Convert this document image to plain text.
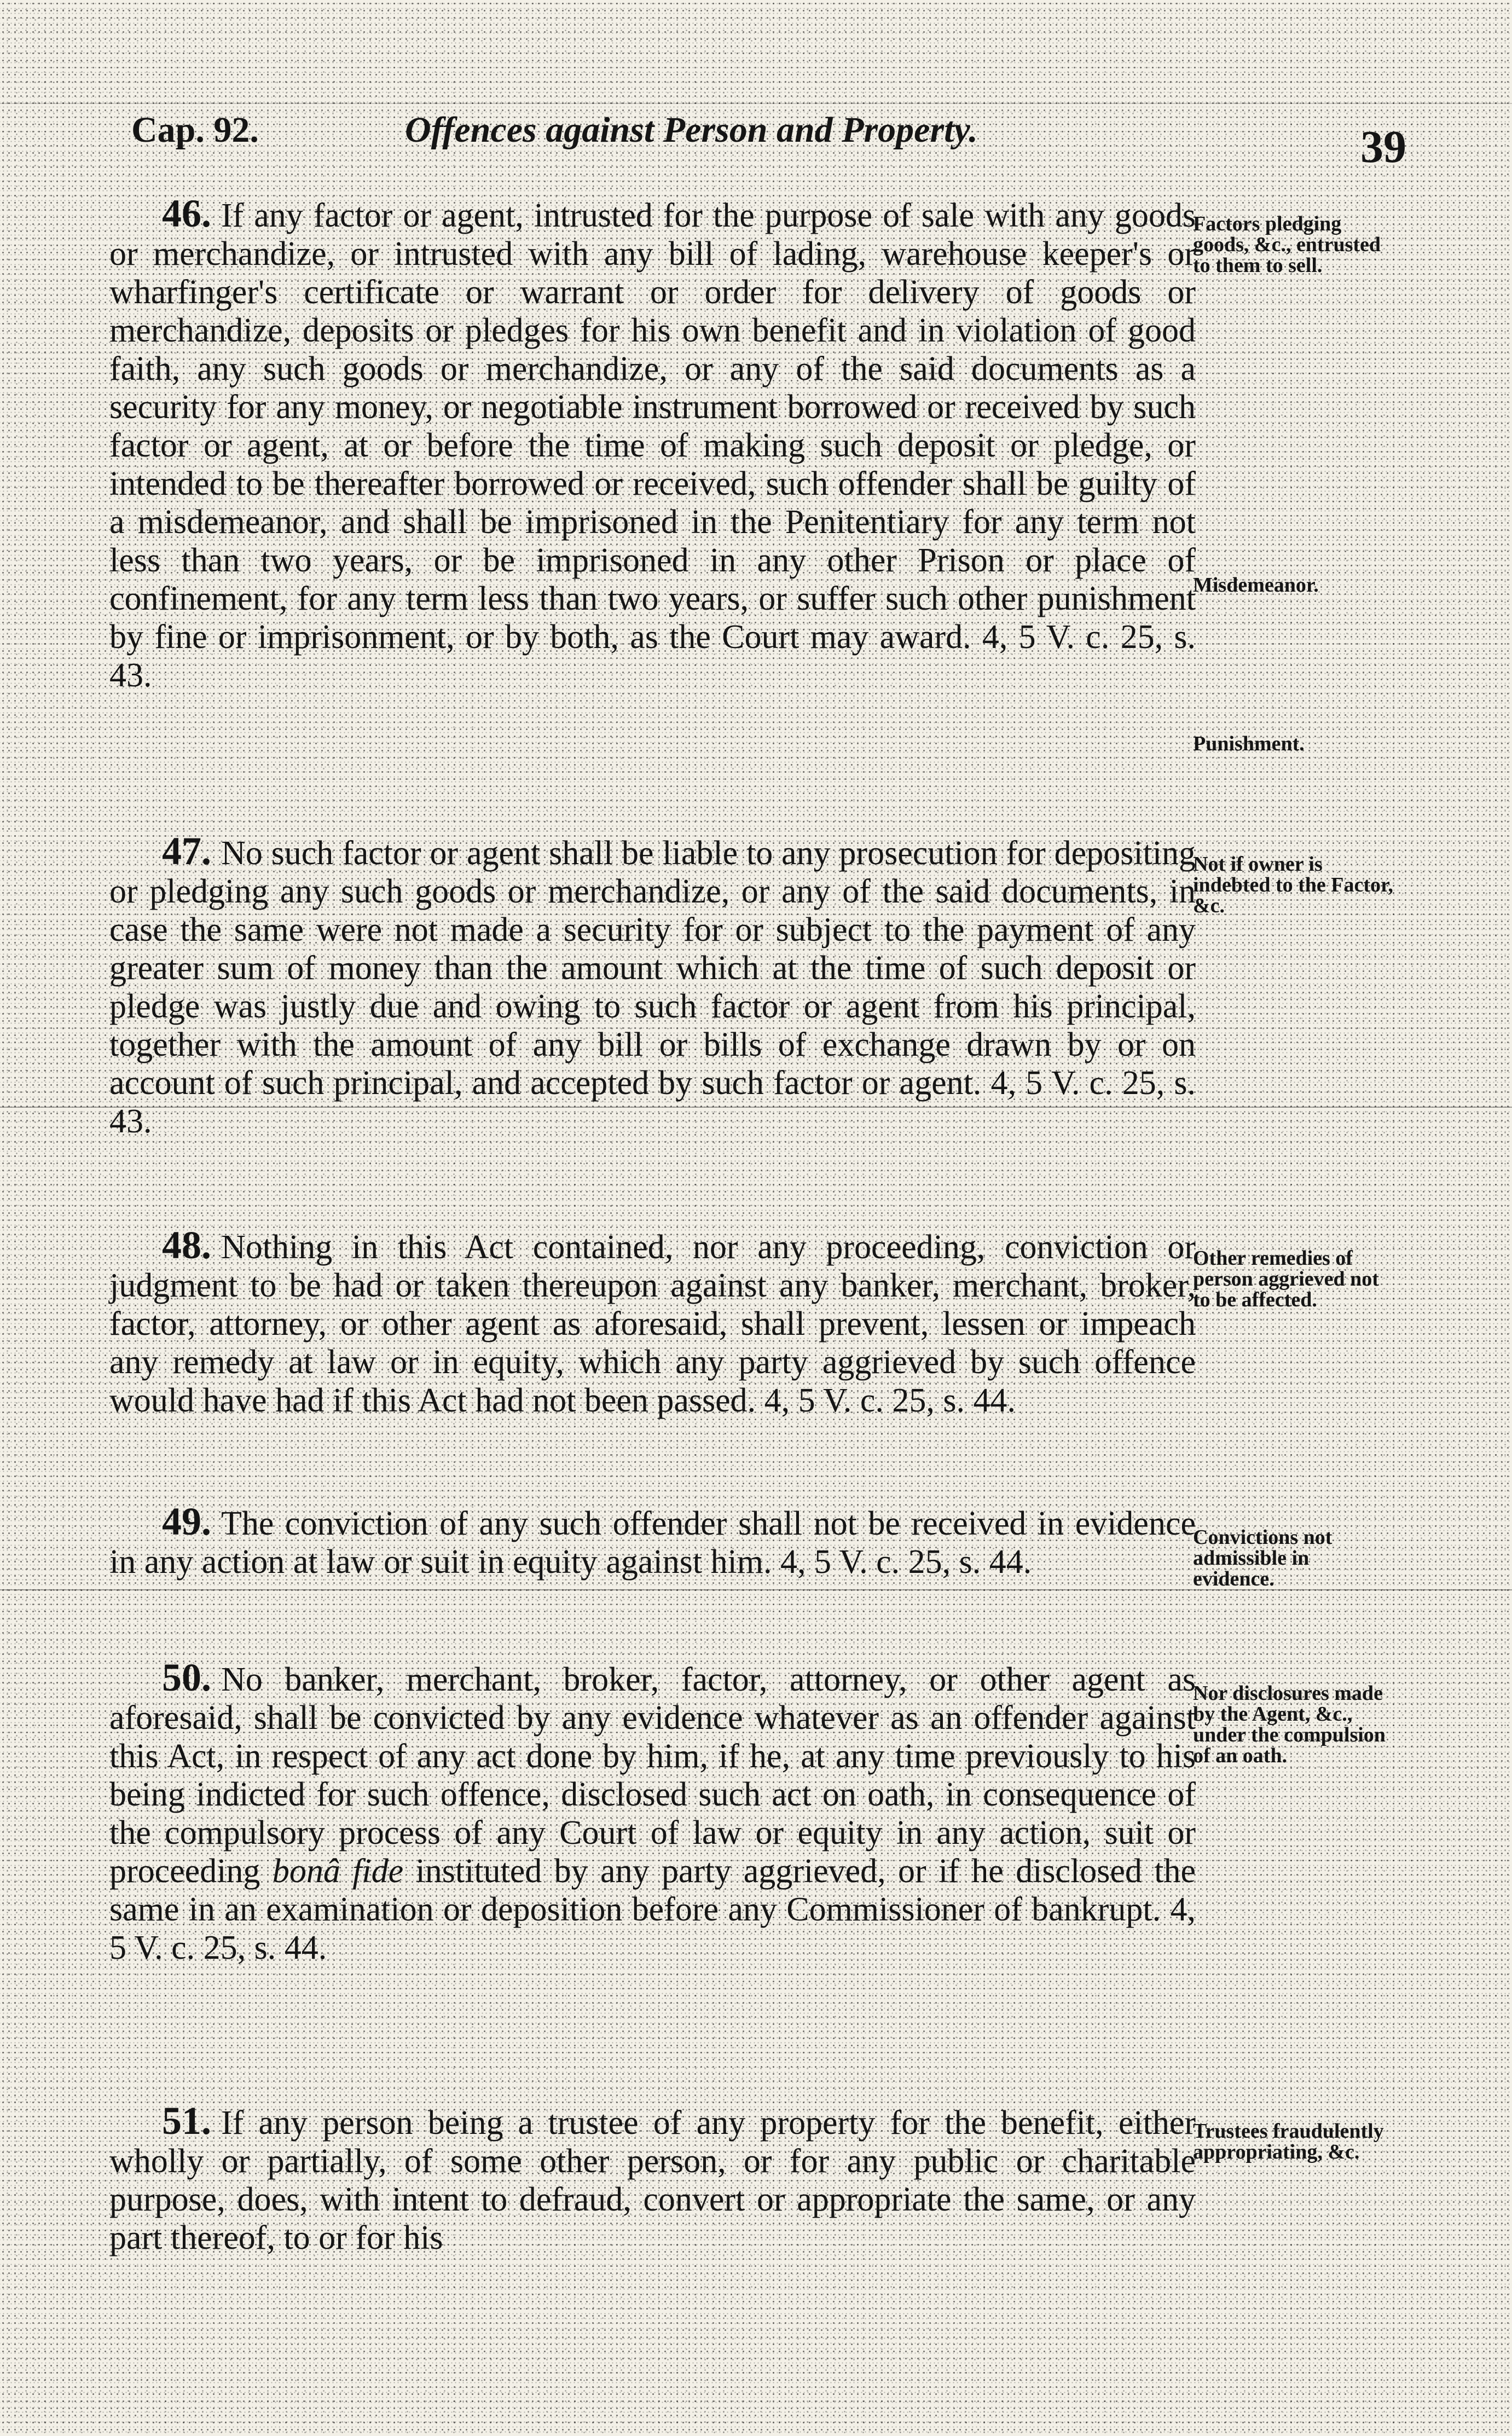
Cap. 92.	Offences against Person and Property.	39

46. If any factor or agent, intrusted for the purpose of sale with any goods or merchandize, or intrusted with any bill of lading, warehouse keeper's or wharfinger's certificate or warrant or order for delivery of goods or merchandize, deposits or pledges for his own benefit and in violation of good faith, any such goods or merchandize, or any of the said documents as a security for any money, or negotiable instrument borrowed or received by such factor or agent, at or before the time of making such deposit or pledge, or intended to be thereafter borrowed or received, such offender shall be guilty of a misdemeanor, and shall be imprisoned in the Penitentiary for any term not less than two years, or be imprisoned in any other Prison or place of confinement, for any term less than two years, or suffer such other punishment by fine or imprisonment, or by both, as the Court may award. 4, 5 V. c. 25, s. 43.

Factors pledging goods, &c., entrusted to them to sell.
Misdemeanor.
Punishment.

47. No such factor or agent shall be liable to any prosecution for depositing or pledging any such goods or merchandize, or any of the said documents, in case the same were not made a security for or subject to the payment of any greater sum of money than the amount which at the time of such deposit or pledge was justly due and owing to such factor or agent from his principal, together with the amount of any bill or bills of exchange drawn by or on account of such principal, and accepted by such factor or agent. 4, 5 V. c. 25, s. 43.

Not if owner is indebted to the Factor, &c.

48. Nothing in this Act contained, nor any proceeding, conviction or judgment to be had or taken thereupon against any banker, merchant, broker, factor, attorney, or other agent as aforesaid, shall prevent, lessen or impeach any remedy at law or in equity, which any party aggrieved by such offence would have had if this Act had not been passed. 4, 5 V. c. 25, s. 44.

Other remedies of person aggrieved not to be affected.

49. The conviction of any such offender shall not be received in evidence in any action at law or suit in equity against him. 4, 5 V. c. 25, s. 44.

Convictions not admissible in evidence.

50. No banker, merchant, broker, factor, attorney, or other agent as aforesaid, shall be convicted by any evidence whatever as an offender against this Act, in respect of any act done by him, if he, at any time previously to his being indicted for such offence, disclosed such act on oath, in consequence of the compulsory process of any Court of law or equity in any action, suit or proceeding bonâ fide instituted by any party aggrieved, or if he disclosed the same in an examination or deposition before any Commissioner of bankrupt. 4, 5 V. c. 25, s. 44.

Nor disclosures made by the Agent, &c., under the compulsion of an oath.

51. If any person being a trustee of any property for the benefit, either wholly or partially, of some other person, or for any public or charitable purpose, does, with intent to defraud, convert or appropriate the same, or any part thereof, to or for his

Trustees fraudulently appropriating, &c.
